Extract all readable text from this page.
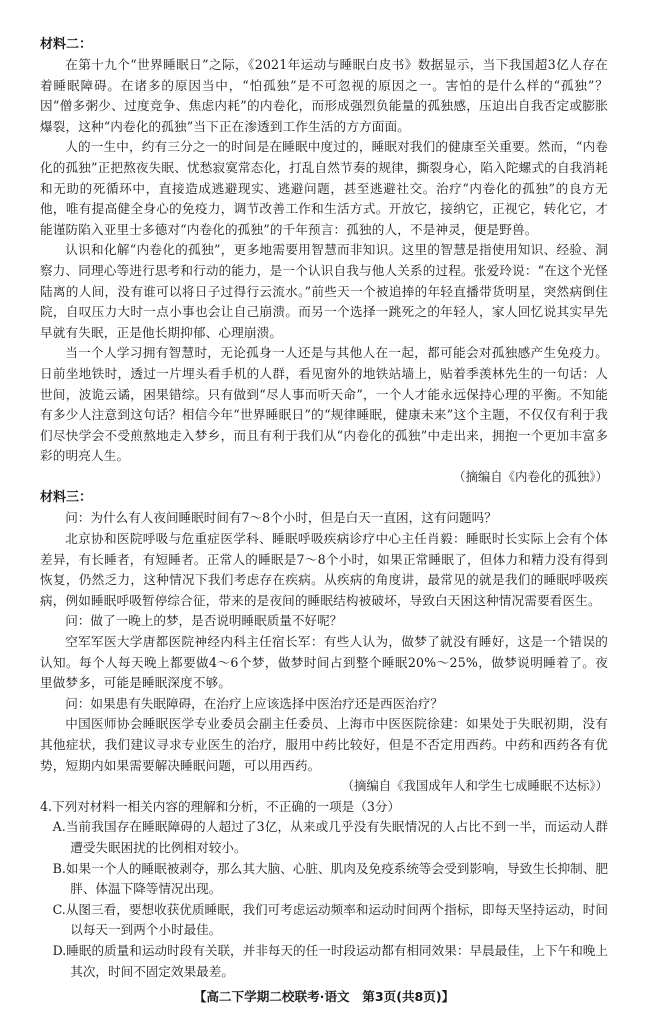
材料二：

在第十九个“世界睡眠日”之际，《2021年运动与睡眠白皮书》数据显示，当下我国超3亿人存在着睡眠障碍。在诸多的原因当中，“怕孤独”是不可忽视的原因之一。害怕的是什么样的“孤独”？因“僧多粥少、过度竞争、焦虑内耗”的内卷化，而形成强烈负能量的孤独感，压迫出自我否定或膨胀爆裂，这种“内卷化的孤独”当下正在渗透到工作生活的方方面面。

人的一生中，约有三分之一的时间是在睡眠中度过的，睡眠对我们的健康至关重要。然而，“内卷化的孤独”正把熬夜失眠、忧愁寂寞常态化，打乱自然节奏的规律，撕裂身心，陷入陀螺式的自我消耗和无助的死循环中，直接造成逃避现实、逃避问题，甚至逃避社交。治疗“内卷化的孤独”的良方无他，唯有提高健全身心的免疫力，调节改善工作和生活方式。开放它，接纳它，正视它，转化它，才能谨防陷入亚里士多德对“内卷化的孤独”的千年预言：孤独的人，不是神灵，便是野兽。

认识和化解“内卷化的孤独”，更多地需要用智慧而非知识。这里的智慧是指使用知识、经验、洞察力、同理心等进行思考和行动的能力，是一个认识自我与他人关系的过程。张爱玲说：“在这个光怪陆离的人间，没有谁可以将日子过得行云流水。”前些天一个被追捧的年轻直播带货明星，突然病倒住院，自叹压力大时一点小事也会让自己崩溃。而另一个选择一跳死之的年轻人，家人回忆说其实早先早就有失眠，正是他长期抑郁、心理崩溃。

当一个人学习拥有智慧时，无论孤身一人还是与其他人在一起，都可能会对孤独感产生免疫力。日前坐地铁时，透过一片埋头看手机的人群，看见窗外的地铁站墙上，贴着季羡林先生的一句话：人世间，波诡云谲，困果错综。只有做到“尽人事而听天命”，一个人才能永远保持心理的平衡。不知能有多少人注意到这句话？相信今年“世界睡眠日”的“规律睡眠，健康未来”这个主题，不仅仅有利于我们尽快学会不受煎熬地走入梦乡，而且有利于我们从“内卷化的孤独”中走出来，拥抱一个更加丰富多彩的明亮人生。

（摘编自《内卷化的孤独》）

材料三：

问：为什么有人夜间睡眠时间有7～8个小时，但是白天一直困，这有问题吗？

北京协和医院呼吸与危重症医学科、睡眠呼吸疾病诊疗中心主任肖毅：睡眠时长实际上会有个体差异，有长睡者，有短睡者。正常人的睡眠是7～8个小时，如果正常睡眠了，但体力和精力没有得到恢复，仍然乏力，这种情况下我们考虑存在疾病。从疾病的角度讲，最常见的就是我们的睡眠呼吸疾病，例如睡眠呼吸暂停综合征，带来的是夜间的睡眠结构被破坏，导致白天困这种情况需要看医生。

问：做了一晚上的梦，是否说明睡眠质量不好呢？

空军军医大学唐都医院神经内科主任宿长军：有些人认为，做梦了就没有睡好，这是一个错误的认知。每个人每天晚上都要做4～6个梦，做梦时间占到整个睡眠20%～25%，做梦说明睡着了。夜里做梦多，可能是睡眠深度不够。

问：如果患有失眠障碍，在治疗上应该选择中医治疗还是西医治疗？

中国医师协会睡眠医学专业委员会副主任委员、上海市中医医院徐建：如果处于失眠初期，没有其他症状，我们建议寻求专业医生的治疗，服用中药比较好，但是不否定用西药。中药和西药各有优势，短期内如果需要解决睡眠问题，可以用西药。

（摘编自《我国成年人和学生七成睡眠不达标》）

4.下列对材料一相关内容的理解和分析，不正确的一项是（3分）

A.当前我国存在睡眠障碍的人超过了3亿，从来或几乎没有失眠情况的人占比不到一半，而运动人群遭受失眠困扰的比例相对较小。

B.如果一个人的睡眠被剥夺，那么其大脑、心脏、肌肉及免疫系统等会受到影响，导致生长抑制、肥胖、体温下降等情况出现。

C.从图三看，要想收获优质睡眠，我们可考虑运动频率和运动时间两个指标，即每天坚持运动，时间以每天一到两个小时最佳。

D.睡眠的质量和运动时段有关联，并非每天的任一时段运动都有相同效果：早晨最佳，上下午和晚上其次，时间不固定效果最差。

【高二下学期二校联考·语文　第3页(共8页)】
